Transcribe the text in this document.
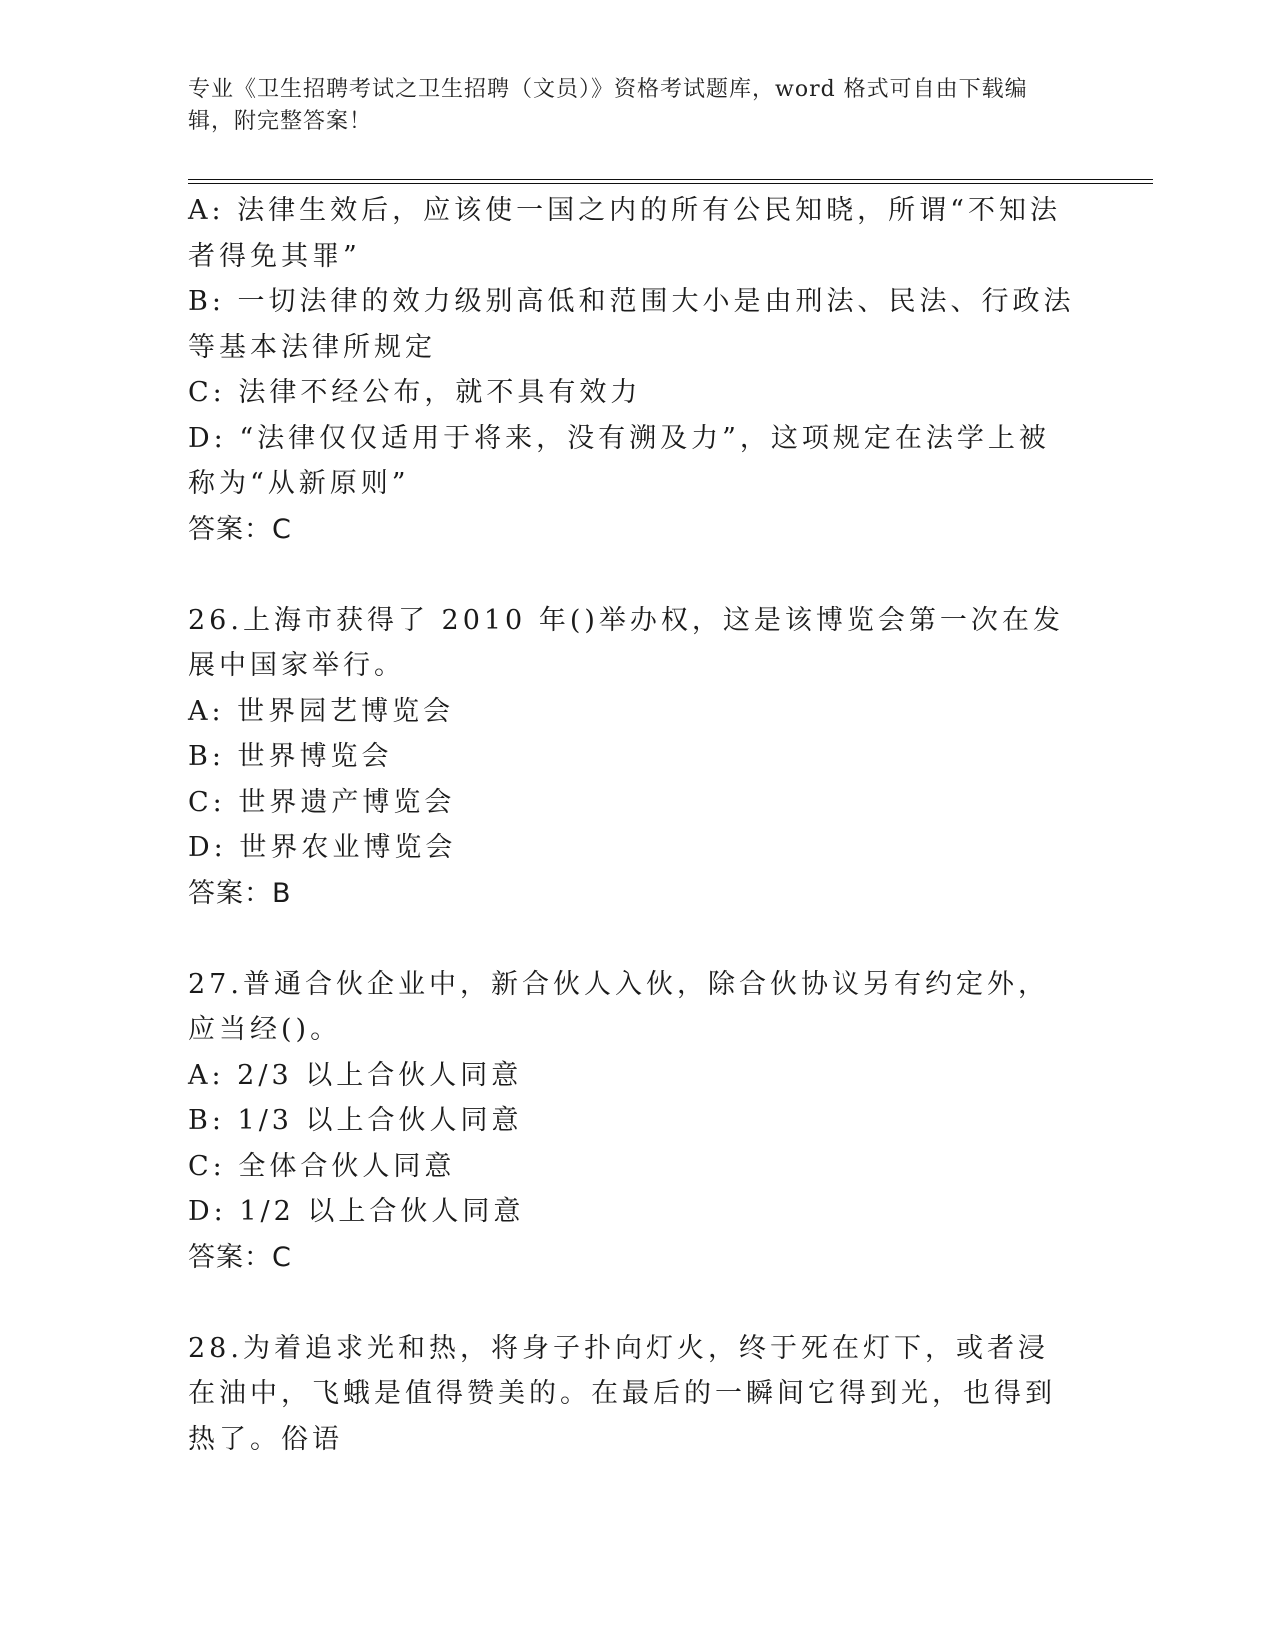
专业《卫生招聘考试之卫生招聘（文员）》资格考试题库，word 格式可自由下载编辑，附完整答案！

A: 法律生效后，应该使一国之内的所有公民知晓，所谓“不知法者得免其罪”

B: 一切法律的效力级别高低和范围大小是由刑法、民法、行政法等基本法律所规定

C: 法律不经公布，就不具有效力

D: “法律仅仅适用于将来，没有溯及力”，这项规定在法学上被称为“从新原则”

答案：C

26.上海市获得了 2010 年()举办权，这是该博览会第一次在发展中国家举行。

A: 世界园艺博览会

B: 世界博览会

C: 世界遗产博览会

D: 世界农业博览会

答案：B

27.普通合伙企业中，新合伙人入伙，除合伙协议另有约定外，应当经()。

A: 2/3 以上合伙人同意

B: 1/3 以上合伙人同意

C: 全体合伙人同意

D: 1/2 以上合伙人同意

答案：C

28.为着追求光和热，将身子扑向灯火，终于死在灯下，或者浸在油中，飞蛾是值得赞美的。在最后的一瞬间它得到光，也得到热了。俗语
